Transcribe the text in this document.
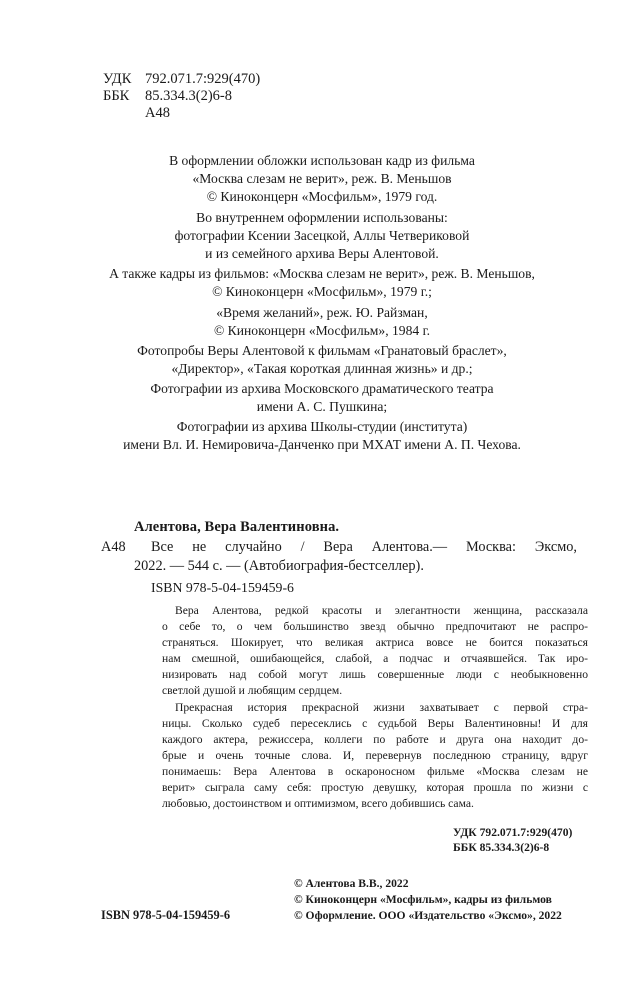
УДК 792.071.7:929(470)
ББК 85.334.3(2)6-8
А48
В оформлении обложки использован кадр из фильма
«Москва слезам не верит», реж. В. Меньшов
© Киноконцерн «Мосфильм», 1979 год.
Во внутреннем оформлении использованы:
фотографии Ксении Засецкой, Аллы Четвериковой
и из семейного архива Веры Алентовой.
А также кадры из фильмов: «Москва слезам не верит», реж. В. Меньшов,
© Киноконцерн «Мосфильм», 1979 г.;
«Время желаний», реж. Ю. Райзман,
© Киноконцерн «Мосфильм», 1984 г.
Фотопробы Веры Алентовой к фильмам «Гранатовый браслет»,
«Директор», «Такая короткая длинная жизнь» и др.;
Фотографии из архива Московского драматического театра
имени А. С. Пушкина;
Фотографии из архива Школы-студии (института)
имени Вл. И. Немировича-Данченко при МХАТ имени А. П. Чехова.
Алентова, Вера Валентиновна.
А48 Все не случайно / Вера Алентова.— Москва: Эксмо,
2022. — 544 с. — (Автобиография-бестселлер).
ISBN 978-5-04-159459-6
Вера Алентова, редкой красоты и элегантности женщина, рассказала
о себе то, о чем большинство звезд обычно предпочитают не распро-
страняться. Шокирует, что великая актриса вовсе не боится показаться
нам смешной, ошибающейся, слабой, а подчас и отчаявшейся. Так иро-
низировать над собой могут лишь совершенные люди с необыкновенно
светлой душой и любящим сердцем.
Прекрасная история прекрасной жизни захватывает с первой стра-
ницы. Сколько судеб пересеклись с судьбой Веры Валентиновны! И для
каждого актера, режиссера, коллеги по работе и друга она находит до-
брые и очень точные слова. И, перевернув последнюю страницу, вдруг
понимаешь: Вера Алентова в оскароносном фильме «Москва слезам не
верит» сыграла саму себя: простую девушку, которая прошла по жизни с
любовью, достоинством и оптимизмом, всего добившись сама.
УДК 792.071.7:929(470)
ББК 85.334.3(2)6-8
© Алентова В.В., 2022
© Киноконцерн «Мосфильм», кадры из фильмов
© Оформление. ООО «Издательство «Эксмо», 2022
ISBN 978-5-04-159459-6
